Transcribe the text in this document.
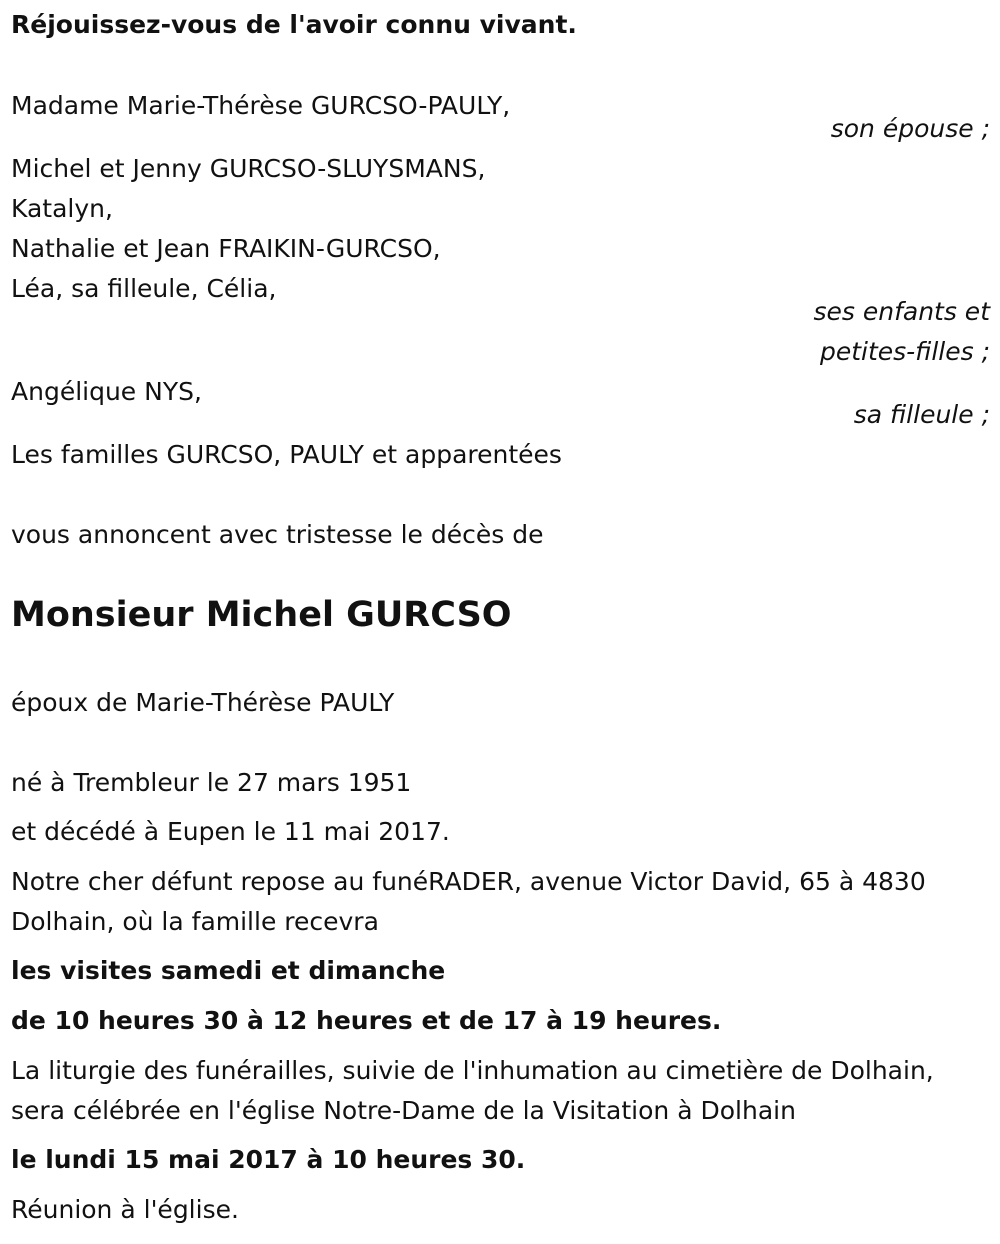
Réjouissez-vous de l'avoir connu vivant.
Madame Marie-Thérèse GURCSO-PAULY,
son épouse ;
Michel et Jenny GURCSO-SLUYSMANS,
Katalyn,
Nathalie et Jean FRAIKIN-GURCSO,
Léa, sa filleule, Célia,
ses enfants et
petites-filles ;
Angélique NYS,
sa filleule ;
Les familles GURCSO, PAULY et apparentées
vous annoncent avec tristesse le décès de
Monsieur Michel GURCSO
époux de Marie-Thérèse PAULY
né à Trembleur le 27 mars 1951
et décédé à Eupen le 11 mai 2017.
Notre cher défunt repose au funéRADER, avenue Victor David, 65 à 4830 Dolhain, où la famille recevra
les visites samedi et dimanche
de 10 heures 30 à 12 heures et de 17 à 19 heures.
La liturgie des funérailles, suivie de l'inhumation au cimetière de Dolhain, sera célébrée en l'église Notre-Dame de la Visitation à Dolhain
le lundi 15 mai 2017 à 10 heures 30.
Réunion à l'église.
